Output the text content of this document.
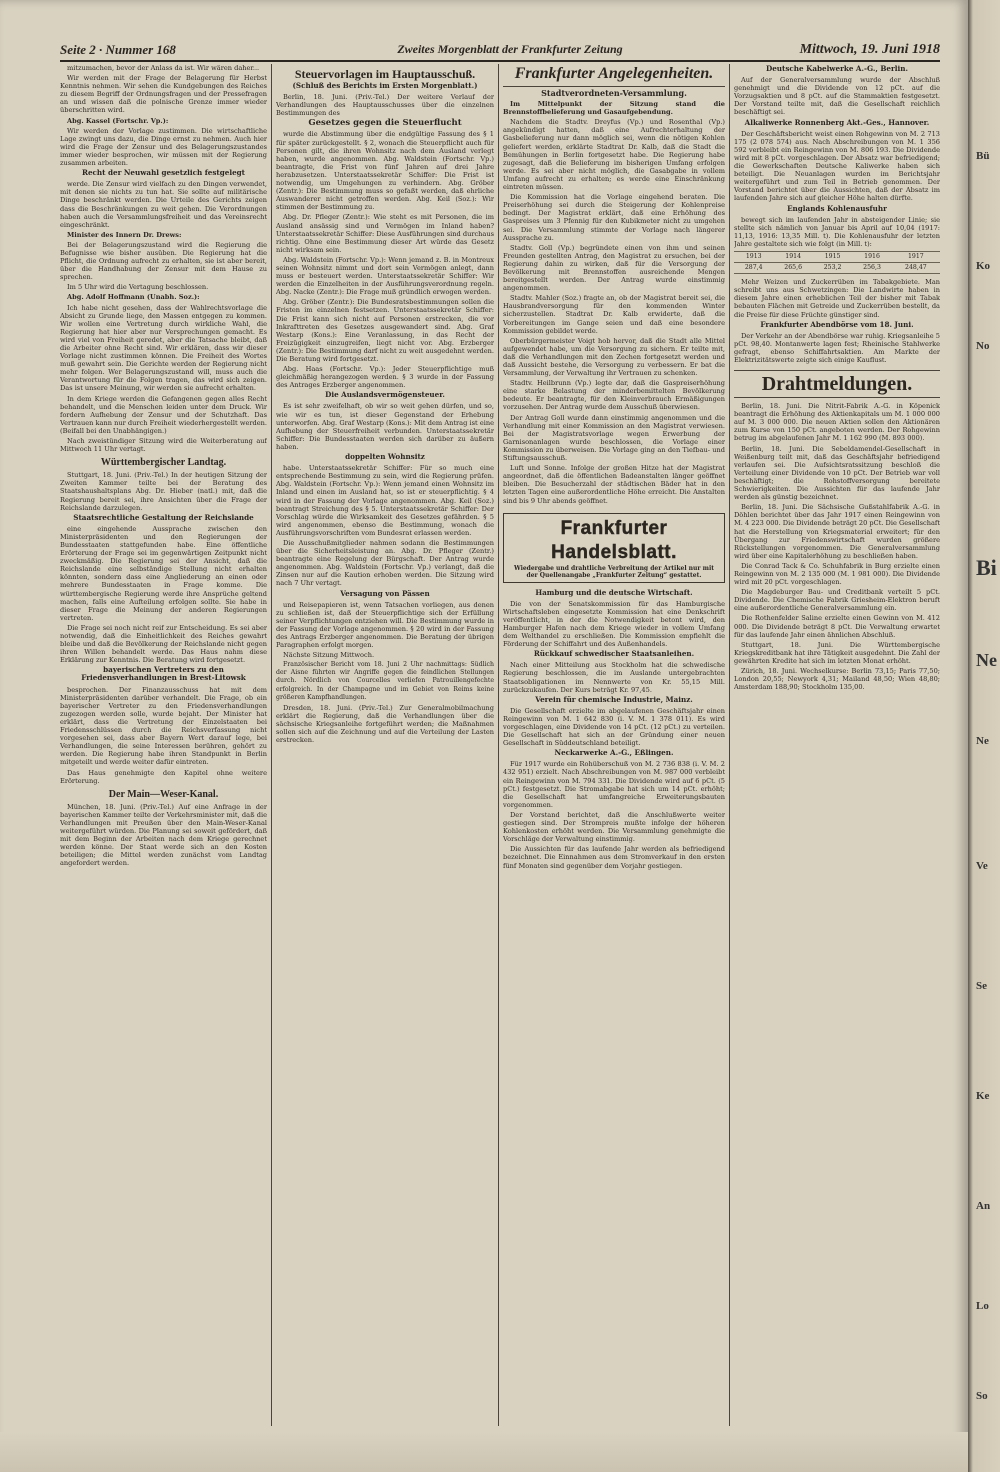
Seite 2 · Nummer 168	Zweites Morgenblatt der Frankfurter Zeitung	Mittwoch, 19. Juni 1918

mitzumachen, bevor der Anlass da ist. Wir wären daher...

Wir werden mit der Frage der Belagerung für Herbst Kenntnis nehmen. Wir sehen die Kundgebungen des Reiches zu diesem Begriff der Ordnungsfragen und der Pressefragen an und wissen daß die polnische Grenze immer wieder überschritten wird.

Abg. Kassel (Fortschr. Vp.):

Wir werden der Vorlage zustimmen. Die wirtschaftliche Lage zwingt uns dazu, die Dinge ernst zu nehmen. Auch hier wird die Frage der Zensur und des Belagerungszustandes immer wieder besprochen, wir müssen mit der Regierung zusammen arbeiten.

Recht der Neuwahl gesetzlich festgelegt

werde. Die Zensur wird vielfach zu den Dingen verwendet, mit denen sie nichts zu tun hat. Sie sollte auf militärische Dinge beschränkt werden. Die Urteile des Gerichts zeigen dass die Beschränkungen zu weit gehen. Die Verordnungen haben auch die Versammlungsfreiheit und das Vereinsrecht eingeschränkt.

Minister des Innern Dr. Drews:

Bei der Belagerungszustand wird die Regierung die Befugnisse wie bisher ausüben. Die Regierung hat die Pflicht, die Ordnung aufrecht zu erhalten, sie ist aber bereit, über die Handhabung der Zensur mit dem Hause zu sprechen.

Im 5 Uhr wird die Vertagung beschlossen.

Abg. Adolf Hoffmann (Unabh. Soz.):

Ich habe nicht gesehen, dass der Wahlrechtsvorlage die Absicht zu Grunde liege, den Massen entgegen zu kommen. Wir wollen eine Vertretung durch wirkliche Wahl, die Regierung hat hier aber nur Versprechungen gemacht. Es wird viel von Freiheit geredet, aber die Tatsache bleibt, daß die Arbeiter ohne Recht sind. Wir erklären, dass wir dieser Vorlage nicht zustimmen können. Die Freiheit des Wortes muß gewahrt sein. Die Gerichte werden der Regierung nicht mehr folgen. Wer Belagerungszustand will, muss auch die Verantwortung für die Folgen tragen, das wird sich zeigen. Das ist unsere Meinung, wir werden sie aufrecht erhalten.

In dem Kriege werden die Gefangenen gegen alles Recht behandelt, und die Menschen leiden unter dem Druck. Wir fordern Aufhebung der Zensur und der Schutzhaft. Das Vertrauen kann nur durch Freiheit wiederhergestellt werden. (Beifall bei den Unabhängigen.)

Nach zweistündiger Sitzung wird die Weiterberatung auf Mittwoch 11 Uhr vertagt.

Württembergischer Landtag.

Stuttgart, 18. Juni. (Priv.-Tel.) In der heutigen Sitzung der Zweiten Kammer teilte bei der Beratung des Staatshaushaltsplans Abg. Dr. Hieber (natl.) mit, daß die Regierung bereit sei, ihre Ansichten über die Frage der Reichslande darzulegen.

Staatsrechtliche Gestaltung der Reichslande

eine eingehende Aussprache zwischen den Ministerpräsidenten und den Regierungen der Bundesstaaten stattgefunden habe. Eine öffentliche Erörterung der Frage sei im gegenwärtigen Zeitpunkt nicht zweckmäßig. Die Regierung sei der Ansicht, daß die Reichslande eine selbständige Stellung nicht erhalten könnten, sondern dass eine Angliederung an einen oder mehrere Bundesstaaten in Frage komme. Die württembergische Regierung werde ihre Ansprüche geltend machen, falls eine Aufteilung erfolgen sollte. Sie habe in dieser Frage die Meinung der anderen Regierungen vertreten.

Die Frage sei noch nicht reif zur Entscheidung. Es sei aber notwendig, daß die Einheitlichkeit des Reiches gewahrt bleibe und daß die Bevölkerung der Reichslande nicht gegen ihren Willen behandelt werde. Das Haus nahm diese Erklärung zur Kenntnis. Die Beratung wird fortgesetzt.

bayerischen Vertreters zu den Friedensverhandlungen in Brest-Litowsk

besprochen. Der Finanzausschuss hat mit dem Ministerpräsidenten darüber verhandelt. Die Frage, ob ein bayerischer Vertreter zu den Friedensverhandlungen zugezogen werden solle, wurde bejaht. Der Minister hat erklärt, dass die Vertretung der Einzelstaaten bei Friedensschlüssen durch die Reichsverfassung nicht vorgesehen sei, dass aber Bayern Wert darauf lege, bei Verhandlungen, die seine Interessen berühren, gehört zu werden. Die Regierung habe ihren Standpunkt in Berlin mitgeteilt und werde weiter dafür eintreten.

Das Haus genehmigte den Kapitel ohne weitere Erörterung.

Der Main—Weser-Kanal.

München, 18. Juni. (Priv.-Tel.) Auf eine Anfrage in der bayerischen Kammer teilte der Verkehrsminister mit, daß die Verhandlungen mit Preußen über den Main-Weser-Kanal weitergeführt würden. Die Planung sei soweit gefördert, daß mit dem Beginn der Arbeiten nach dem Kriege gerechnet werden könne. Der Staat werde sich an den Kosten beteiligen; die Mittel werden zunächst vom Landtag angefordert werden.

Steuervorlagen im Hauptausschuß.
(Schluß des Berichts im Ersten Morgenblatt.)

Berlin, 18. Juni. (Priv.-Tel.) Der weitere Verlauf der Verhandlungen des Hauptausschusses über die einzelnen Bestimmungen des

Gesetzes gegen die Steuerflucht

wurde die Abstimmung über die endgültige Fassung des § 1 für später zurückgestellt. § 2, wonach die Steuerpflicht auch für Personen gilt, die ihren Wohnsitz nach dem Ausland verlegt haben, wurde angenommen. Abg. Waldstein (Fortschr. Vp.) beantragte, die Frist von fünf Jahren auf drei Jahre herabzusetzen. Unterstaatssekretär Schiffer: Die Frist ist notwendig, um Umgehungen zu verhindern. Abg. Gröber (Zentr.): Die Bestimmung muss so gefaßt werden, daß ehrliche Auswanderer nicht getroffen werden. Abg. Keil (Soz.): Wir stimmen der Bestimmung zu.

Abg. Dr. Pfleger (Zentr.): Wie steht es mit Personen, die im Ausland ansässig sind und Vermögen im Inland haben? Unterstaatssekretär Schiffer: Diese Ausführungen sind durchaus richtig. Ohne eine Bestimmung dieser Art würde das Gesetz nicht wirksam sein.

Abg. Waldstein (Fortschr. Vp.): Wenn jemand z. B. in Montreux seinen Wohnsitz nimmt und dort sein Vermögen anlegt, dann muss er besteuert werden. Unterstaatssekretär Schiffer: Wir werden die Einzelheiten in der Ausführungsverordnung regeln. Abg. Nacke (Zentr.): Die Frage muß gründlich erwogen werden.

Abg. Gröber (Zentr.): Die Bundesratsbestimmungen sollen die Fristen im einzelnen festsetzen. Unterstaatssekretär Schiffer: Die Frist kann sich nicht auf Personen erstrecken, die vor Inkrafttreten des Gesetzes ausgewandert sind. Abg. Graf Westarp (Kons.): Eine Veranlassung, in das Recht der Freizügigkeit einzugreifen, liegt nicht vor. Abg. Erzberger (Zentr.): Die Bestimmung darf nicht zu weit ausgedehnt werden. Die Beratung wird fortgesetzt.

Abg. Haas (Fortschr. Vp.): Jeder Steuerpflichtige muß gleichmäßig herangezogen werden. § 3 wurde in der Fassung des Antrages Erzberger angenommen.

Die Auslandsvermögensteuer.

Es ist sehr zweifelhaft, ob wir so weit gehen dürfen, und so, wie wir es tun, ist dieser Gegenstand der Erhebung unterworfen. Abg. Graf Westarp (Kons.): Mit dem Antrag ist eine Aufhebung der Steuerfreiheit verbunden. Unterstaatssekretär Schiffer: Die Bundesstaaten werden sich darüber zu äußern haben.

doppelten Wohnsitz

habe. Unterstaatssekretär Schiffer: Für so much eine entsprechende Bestimmung zu sein, wird die Regierung prüfen. Abg. Waldstein (Fortschr. Vp.): Wenn jemand einen Wohnsitz im Inland und einen im Ausland hat, so ist er steuerpflichtig. § 4 wird in der Fassung der Vorlage angenommen. Abg. Keil (Soz.) beantragt Streichung des § 5. Unterstaatssekretär Schiffer: Der Vorschlag würde die Wirksamkeit des Gesetzes gefährden. § 5 wird angenommen, ebenso die Bestimmung, wonach die Ausführungsvorschriften vom Bundesrat erlassen werden.

Die Ausschußmitglieder nahmen sodann die Bestimmungen über die Sicherheitsleistung an. Abg. Dr. Pfleger (Zentr.) beantragte eine Regelung der Bürgschaft. Der Antrag wurde angenommen. Abg. Waldstein (Fortschr. Vp.) verlangt, daß die Zinsen nur auf die Kaution erhoben werden. Die Sitzung wird nach 7 Uhr vertagt.

Versagung von Pässen

und Reisepapieren ist, wenn Tatsachen vorliegen, aus denen zu schließen ist, daß der Steuerpflichtige sich der Erfüllung seiner Verpflichtungen entziehen will. Die Bestimmung wurde in der Fassung der Vorlage angenommen. § 20 wird in der Fassung des Antrags Erzberger angenommen. Die Beratung der übrigen Paragraphen erfolgt morgen.

Nächste Sitzung Mittwoch.

Französischer Bericht vom 18. Juni 2 Uhr nachmittags: Südlich der Aisne führten wir Angriffe gegen die feindlichen Stellungen durch. Nördlich von Courcelles verliefen Patrouillengefechte erfolgreich. In der Champagne und im Gebiet von Reims keine größeren Kampfhandlungen.

Dresden, 18. Juni. (Priv.-Tel.) Zur Generalmobilmachung erklärt die Regierung, daß die Verhandlungen über die sächsische Kriegsanleihe fortgeführt werden; die Maßnahmen sollen sich auf die Zeichnung und auf die Verteilung der Lasten erstrecken.

Frankfurter Angelegenheiten.
Stadtverordneten-Versammlung.

Im Mittelpunkt der Sitzung stand die Brennstoffbelieferung und Gasaufgebendung.

Nachdem die Stadtv. Dreyfus (Vp.) und Rosenthal (Vp.) angekündigt hatten, daß eine Aufrechterhaltung der Gasbelieferung nur dann möglich sei, wenn die nötigen Kohlen geliefert werden, erklärte Stadtrat Dr. Kalb, daß die Stadt die Bemühungen in Berlin fortgesetzt habe. Die Regierung habe zugesagt, daß die Belieferung im bisherigen Umfang erfolgen werde. Es sei aber nicht möglich, die Gasabgabe in vollem Umfang aufrecht zu erhalten; es werde eine Einschränkung eintreten müssen.

Die Kommission hat die Vorlage eingehend beraten. Die Preiserhöhung sei durch die Steigerung der Kohlenpreise bedingt. Der Magistrat erklärt, daß eine Erhöhung des Gaspreises um 3 Pfennig für den Kubikmeter nicht zu umgehen sei. Die Versammlung stimmte der Vorlage nach längerer Aussprache zu.

Stadtv. Goll (Vp.) begründete einen von ihm und seinen Freunden gestellten Antrag, den Magistrat zu ersuchen, bei der Regierung dahin zu wirken, daß für die Versorgung der Bevölkerung mit Brennstoffen ausreichende Mengen bereitgestellt werden. Der Antrag wurde einstimmig angenommen.

Stadtv. Mahler (Soz.) fragte an, ob der Magistrat bereit sei, die Hausbrandversorgung für den kommenden Winter sicherzustellen. Stadtrat Dr. Kalb erwiderte, daß die Vorbereitungen im Gange seien und daß eine besondere Kommission gebildet werde.

Oberbürgermeister Voigt hob hervor, daß die Stadt alle Mittel aufgewendet habe, um die Versorgung zu sichern. Er teilte mit, daß die Verhandlungen mit den Zechen fortgesetzt werden und daß Aussicht bestehe, die Versorgung zu verbessern. Er bat die Versammlung, der Verwaltung ihr Vertrauen zu schenken.

Stadtv. Heilbrunn (Vp.) legte dar, daß die Gaspreiserhöhung eine starke Belastung der minderbemittelten Bevölkerung bedeute. Er beantragte, für den Kleinverbrauch Ermäßigungen vorzusehen. Der Antrag wurde dem Ausschuß überwiesen.

Der Antrag Goll wurde dann einstimmig angenommen und die Verhandlung mit einer Kommission an den Magistrat verwiesen. Bei der Magistratsvorlage wegen Erwerbung der Garnisonanlagen wurde beschlossen, die Vorlage einer Kommission zu überweisen. Die Vorlage ging an den Tiefbau- und Stiftungsausschuß.

Luft und Sonne. Infolge der großen Hitze hat der Magistrat angeordnet, daß die öffentlichen Badeanstalten länger geöffnet bleiben. Die Besucherzahl der städtischen Bäder hat in den letzten Tagen eine außerordentliche Höhe erreicht. Die Anstalten sind bis 9 Uhr abends geöffnet.

Frankfurter Handelsblatt.
Wiedergabe und drahtliche Verbreitung der Artikel nur mit der Quellenangabe „Frankfurter Zeitung“ gestattet.
Hamburg und die deutsche Wirtschaft.

Die von der Senatskommission für das Hamburgische Wirtschaftsleben eingesetzte Kommission hat eine Denkschrift veröffentlicht, in der die Notwendigkeit betont wird, den Hamburger Hafen nach dem Kriege wieder in vollem Umfang dem Welthandel zu erschließen. Die Kommission empfiehlt die Förderung der Schiffahrt und des Außenhandels.

Rückkauf schwedischer Staatsanleihen.

Nach einer Mitteilung aus Stockholm hat die schwedische Regierung beschlossen, die im Auslande untergebrachten Staatsobligationen im Nennwerte von Kr. 55,15 Mill. zurückzukaufen. Der Kurs beträgt Kr. 97,45.

Verein für chemische Industrie, Mainz.

Die Gesellschaft erzielte im abgelaufenen Geschäftsjahr einen Reingewinn von M. 1 642 830 (i. V. M. 1 378 011). Es wird vorgeschlagen, eine Dividende von 14 pCt. (12 pCt.) zu verteilen. Die Gesellschaft hat sich an der Gründung einer neuen Gesellschaft in Süddeutschland beteiligt.

Neckarwerke A.-G., Eßlingen.

Für 1917 wurde ein Rohüberschuß von M. 2 736 838 (i. V. M. 2 432 951) erzielt. Nach Abschreibungen von M. 987 000 verbleibt ein Reingewinn von M. 794 331. Die Dividende wird auf 6 pCt. (5 pCt.) festgesetzt. Die Stromabgabe hat sich um 14 pCt. erhöht; die Gesellschaft hat umfangreiche Erweiterungsbauten vorgenommen.

Der Vorstand berichtet, daß die Anschlußwerte weiter gestiegen sind. Der Strompreis mußte infolge der höheren Kohlenkosten erhöht werden. Die Versammlung genehmigte die Vorschläge der Verwaltung einstimmig.

Die Aussichten für das laufende Jahr werden als befriedigend bezeichnet. Die Einnahmen aus dem Stromverkauf in den ersten fünf Monaten sind gegenüber dem Vorjahr gestiegen.

Deutsche Kabelwerke A.-G., Berlin.

Auf der Generalversammlung wurde der Abschluß genehmigt und die Dividende von 12 pCt. auf die Vorzugsaktien und 8 pCt. auf die Stammaktien festgesetzt. Der Vorstand teilte mit, daß die Gesellschaft reichlich beschäftigt sei.

Alkaliwerke Ronnenberg Akt.-Ges., Hannover.

Der Geschäftsbericht weist einen Rohgewinn von M. 2 713 175 (2 078 574) aus. Nach Abschreibungen von M. 1 356 592 verbleibt ein Reingewinn von M. 806 193. Die Dividende wird mit 8 pCt. vorgeschlagen. Der Absatz war befriedigend; die Gewerkschaften Deutsche Kaliwerke haben sich beteiligt. Die Neuanlagen wurden im Berichtsjahr weitergeführt und zum Teil in Betrieb genommen. Der Vorstand berichtet über die Aussichten, daß der Absatz im laufenden Jahre sich auf gleicher Höhe halten dürfte.

Englands Kohlenausfuhr

bewegt sich im laufenden Jahr in absteigender Linie; sie stellte sich nämlich von Januar bis April auf 10,04 (1917: 11,13, 1916: 13,35 Mill. t). Die Kohlenausfuhr der letzten Jahre gestaltete sich wie folgt (in Mill. t):

1913	1914	1915	1916	1917
287,4	265,6	253,2	256,3	248,47

Mehr Weizen und Zuckerrüben im Tabakgebiete. Man schreibt uns aus Schwetzingen: Die Landwirte haben in diesem Jahre einen erheblichen Teil der bisher mit Tabak bebauten Flächen mit Getreide und Zuckerrüben bestellt, da die Preise für diese Früchte günstiger sind.

Frankfurter Abendbörse vom 18. Juni.

Der Verkehr an der Abendbörse war ruhig. Kriegsanleihe 5 pCt. 98,40. Montanwerte lagen fest; Rheinische Stahlwerke gefragt, ebenso Schiffahrtsaktien. Am Markte der Elektrizitätswerte zeigte sich einige Kauflust.

Drahtmeldungen.

Berlin, 18. Juni. Die Nitrit-Fabrik A.-G. in Köpenick beantragt die Erhöhung des Aktienkapitals um M. 1 000 000 auf M. 3 000 000. Die neuen Aktien sollen den Aktionären zum Kurse von 150 pCt. angeboten werden. Der Rohgewinn betrug im abgelaufenen Jahr M. 1 162 990 (M. 893 000).

Berlin, 18. Juni. Die Sebeldamendel-Gesellschaft in Weißenburg teilt mit, daß das Geschäftsjahr befriedigend verlaufen sei. Die Aufsichtsratssitzung beschloß die Verteilung einer Dividende von 10 pCt. Der Betrieb war voll beschäftigt; die Rohstoffversorgung bereitete Schwierigkeiten. Die Aussichten für das laufende Jahr werden als günstig bezeichnet.

Berlin, 18. Juni. Die Sächsische Gußstahlfabrik A.-G. in Döhlen berichtet über das Jahr 1917 einen Reingewinn von M. 4 223 000. Die Dividende beträgt 20 pCt. Die Gesellschaft hat die Herstellung von Kriegsmaterial erweitert; für den Übergang zur Friedenswirtschaft wurden größere Rückstellungen vorgenommen. Die Generalversammlung wird über eine Kapitalerhöhung zu beschließen haben.

Die Conrad Tack & Co. Schuhfabrik in Burg erzielte einen Reingewinn von M. 2 135 000 (M. 1 981 000). Die Dividende wird mit 20 pCt. vorgeschlagen.

Die Magdeburger Bau- und Creditbank verteilt 5 pCt. Dividende. Die Chemische Fabrik Griesheim-Elektron beruft eine außerordentliche Generalversammlung ein.

Die Rothenfelder Saline erzielte einen Gewinn von M. 412 000. Die Dividende beträgt 8 pCt. Die Verwaltung erwartet für das laufende Jahr einen ähnlichen Abschluß.

Stuttgart, 18. Juni. Die Württembergische Kriegskreditbank hat ihre Tätigkeit ausgedehnt. Die Zahl der gewährten Kredite hat sich im letzten Monat erhöht.

Zürich, 18. Juni. Wechselkurse: Berlin 73,15; Paris 77,50; London 20,55; Newyork 4,31; Mailand 48,50; Wien 48,80; Amsterdam 188,90; Stockholm 135,00.

Bü
Ko
No
Bi
Ne
Ne
Ve
Se
Ke
An
Lo
So
